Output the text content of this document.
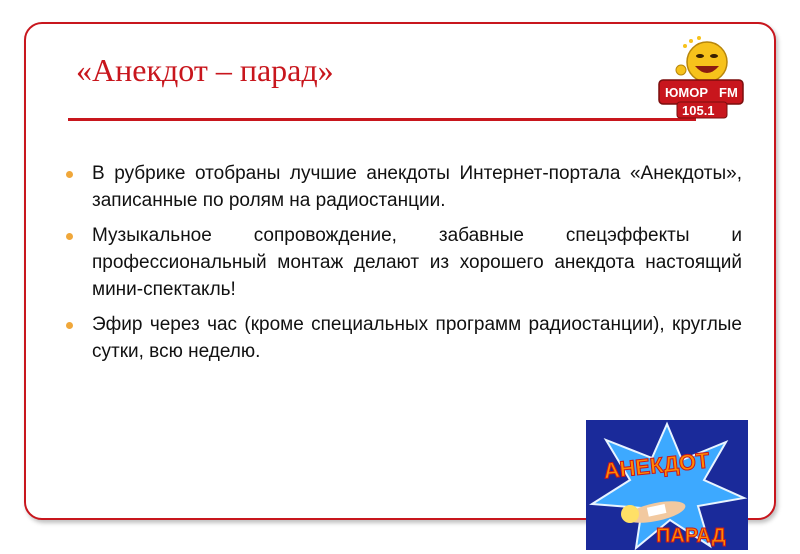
«Анекдот – парад»
ЮМОР FM
105.1
В рубрике отобраны лучшие анекдоты Интернет-портала «Анекдоты», записанные по ролям на радиостанции.
Музыкальное сопровождение, забавные спецэффекты и профессиональный монтаж делают из хорошего анекдота настоящий мини-спектакль!
Эфир через час (кроме специальных программ радиостанции), круглые сутки, всю неделю.
АНЕКДОТ
ПАРАД
